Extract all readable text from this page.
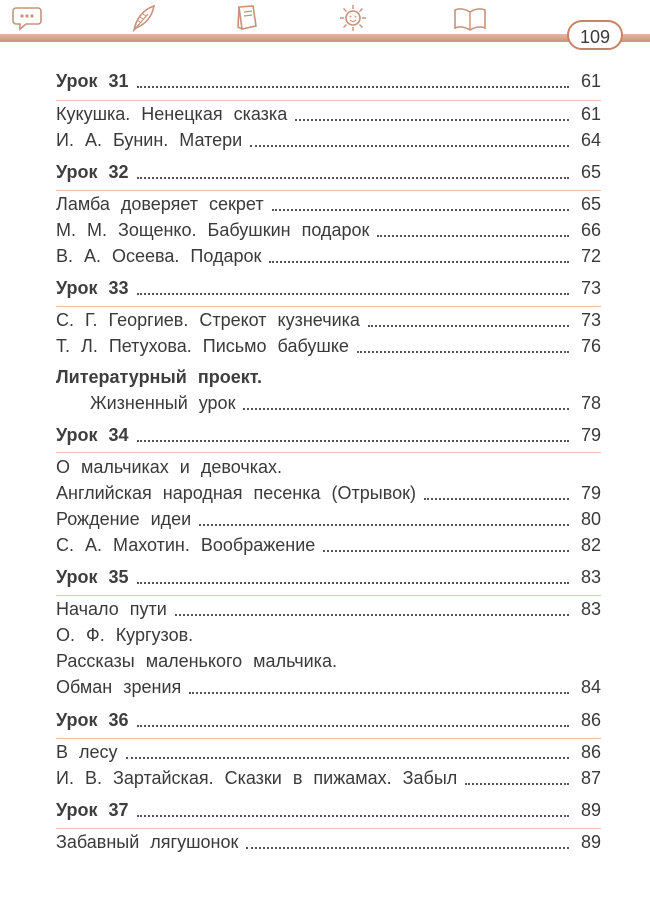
109
Урок 31	61
Кукушка. Ненецкая сказка	61
И. А. Бунин. Матери	64
Урок 32	65
Ламба доверяет секрет	65
М. М. Зощенко. Бабушкин подарок	66
В. А. Осеева. Подарок	72
Урок 33	73
С. Г. Георгиев. Стрекот кузнечика	73
Т. Л. Петухова. Письмо бабушке	76
Литературный проект.
Жизненный урок	78
Урок 34	79
О мальчиках и девочках.
Английская народная песенка (Отрывок)	79
Рождение идеи	80
С. А. Махотин. Воображение	82
Урок 35	83
Начало пути	83
О. Ф. Кургузов.
Рассказы маленького мальчика.
Обман зрения	84
Урок 36	86
В лесу	86
И. В. Зартайская. Сказки в пижамах. Забыл	87
Урок 37	89
Забавный лягушонок	89
